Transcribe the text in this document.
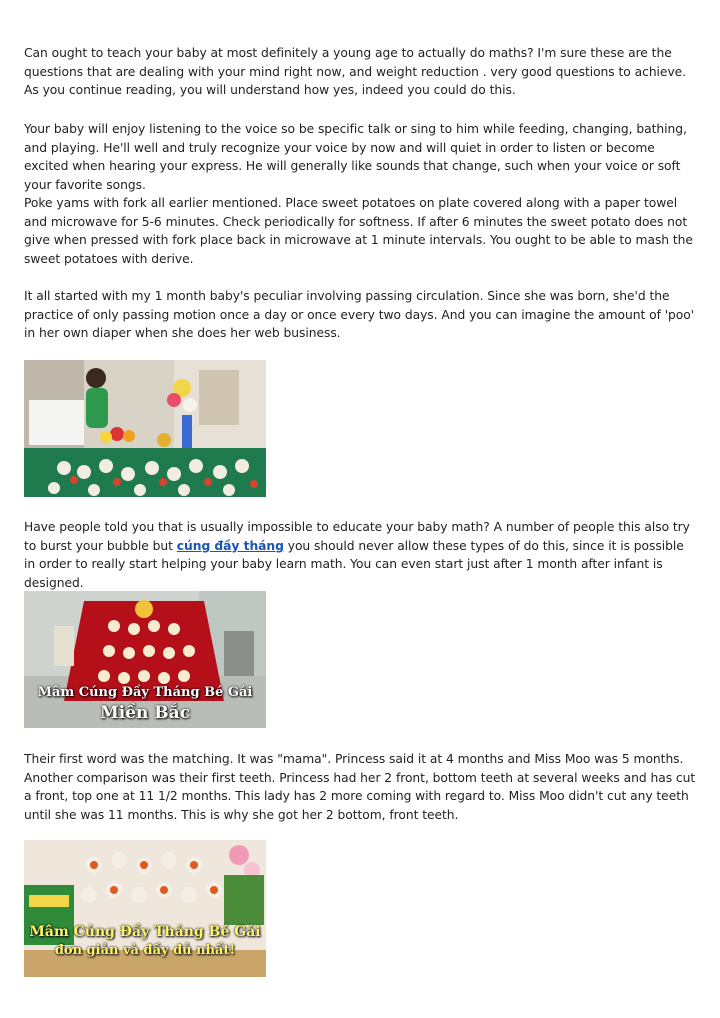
Can ought to teach your baby at most definitely a young age to actually do maths? I'm sure these are the questions that are dealing with your mind right now, and weight reduction . very good questions to achieve. As you continue reading, you will understand how yes, indeed you could do this.

Your baby will enjoy listening to the voice so be specific talk or sing to him while feeding, changing, bathing, and playing. He'll well and truly recognize your voice by now and will quiet in order to listen or become excited when hearing your express. He will generally like sounds that change, such when your voice or soft your favorite songs.

Poke yams with fork all earlier mentioned. Place sweet potatoes on plate covered along with a paper towel and microwave for 5-6 minutes. Check periodically for softness. If after 6 minutes the sweet potato does not give when pressed with fork place back in microwave at 1 minute intervals. You ought to be able to mash the sweet potatoes with derive.

It all started with my 1 month baby's peculiar involving passing circulation. Since she was born, she'd the practice of only passing motion once a day or once every two days. And you can imagine the amount of 'poo' in her own diaper when she does her web business.

Have people told you that is usually impossible to educate your baby math? A number of people this also try to burst your bubble but cúng đầy tháng you should never allow these types of do this, since it is possible in order to really start helping your baby learn math. You can even start just after 1 month after infant is designed.

Mâm Cúng Đầy Tháng Bé Gái
Miền Bắc

Their first word was the matching. It was "mama". Princess said it at 4 months and Miss Moo was 5 months. Another comparison was their first teeth. Princess had her 2 front, bottom teeth at several weeks and has cut a front, top one at 11 1/2 months. This lady has 2 more coming with regard to. Miss Moo didn't cut any teeth until she was 11 months. This is why she got her 2 bottom, front teeth.

Mâm Cúng Đầy Tháng Bé Gái
đơn giản và đầy đủ nhất!
